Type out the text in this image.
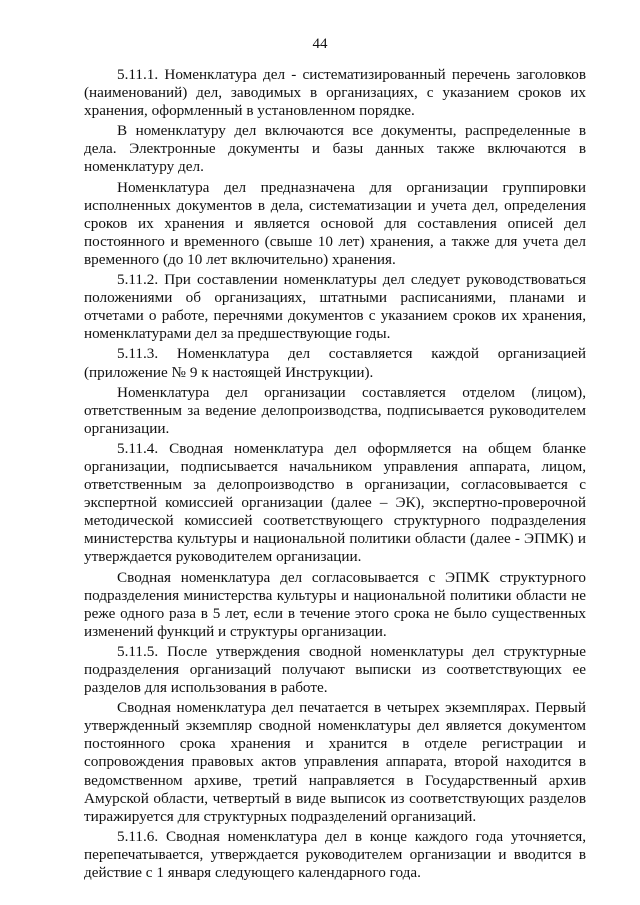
44

5.11.1. Номенклатура дел - систематизированный перечень заголовков (наименований) дел, заводимых в организациях, с указанием сроков их хранения, оформленный в установленном порядке.

В номенклатуру дел включаются все документы, распределенные в дела. Электронные документы и базы данных также включаются в номенклатуру дел.

Номенклатура дел предназначена для организации группировки исполненных документов в дела, систематизации и учета дел, определения сроков их хранения и является основой для составления описей дел постоянного и временного (свыше 10 лет) хранения, а также для учета дел временного (до 10 лет включительно) хранения.

5.11.2. При составлении номенклатуры дел следует руководствоваться положениями об организациях, штатными расписаниями, планами и отчетами о работе, перечнями документов с указанием сроков их хранения, номенклатурами дел за предшествующие годы.

5.11.3. Номенклатура дел составляется каждой организацией (приложение № 9 к настоящей Инструкции).

Номенклатура дел организации составляется отделом (лицом), ответственным за ведение делопроизводства, подписывается руководителем организации.

5.11.4. Сводная номенклатура дел оформляется на общем бланке организации, подписывается начальником управления аппарата, лицом, ответственным за делопроизводство в организации, согласовывается с экспертной комиссией организации (далее – ЭК), экспертно-проверочной методической комиссией соответствующего структурного подразделения министерства культуры и национальной политики области (далее - ЭПМК) и утверждается руководителем организации.

Сводная номенклатура дел согласовывается с ЭПМК структурного подразделения министерства культуры и национальной политики области не реже одного раза в 5 лет, если в течение этого срока не было существенных изменений функций и структуры организации.

5.11.5. После утверждения сводной номенклатуры дел структурные подразделения организаций получают выписки из соответствующих ее разделов для использования в работе.

Сводная номенклатура дел печатается в четырех экземплярах. Первый утвержденный экземпляр сводной номенклатуры дел является документом постоянного срока хранения и хранится в отделе регистрации и сопровождения правовых актов управления аппарата, второй находится в ведомственном архиве, третий направляется в Государственный архив Амурской области, четвертый в виде выписок из соответствующих разделов тиражируется для структурных подразделений организаций.

5.11.6. Сводная номенклатура дел в конце каждого года уточняется, перепечатывается, утверждается руководителем организации и вводится в действие с 1 января следующего календарного года.
